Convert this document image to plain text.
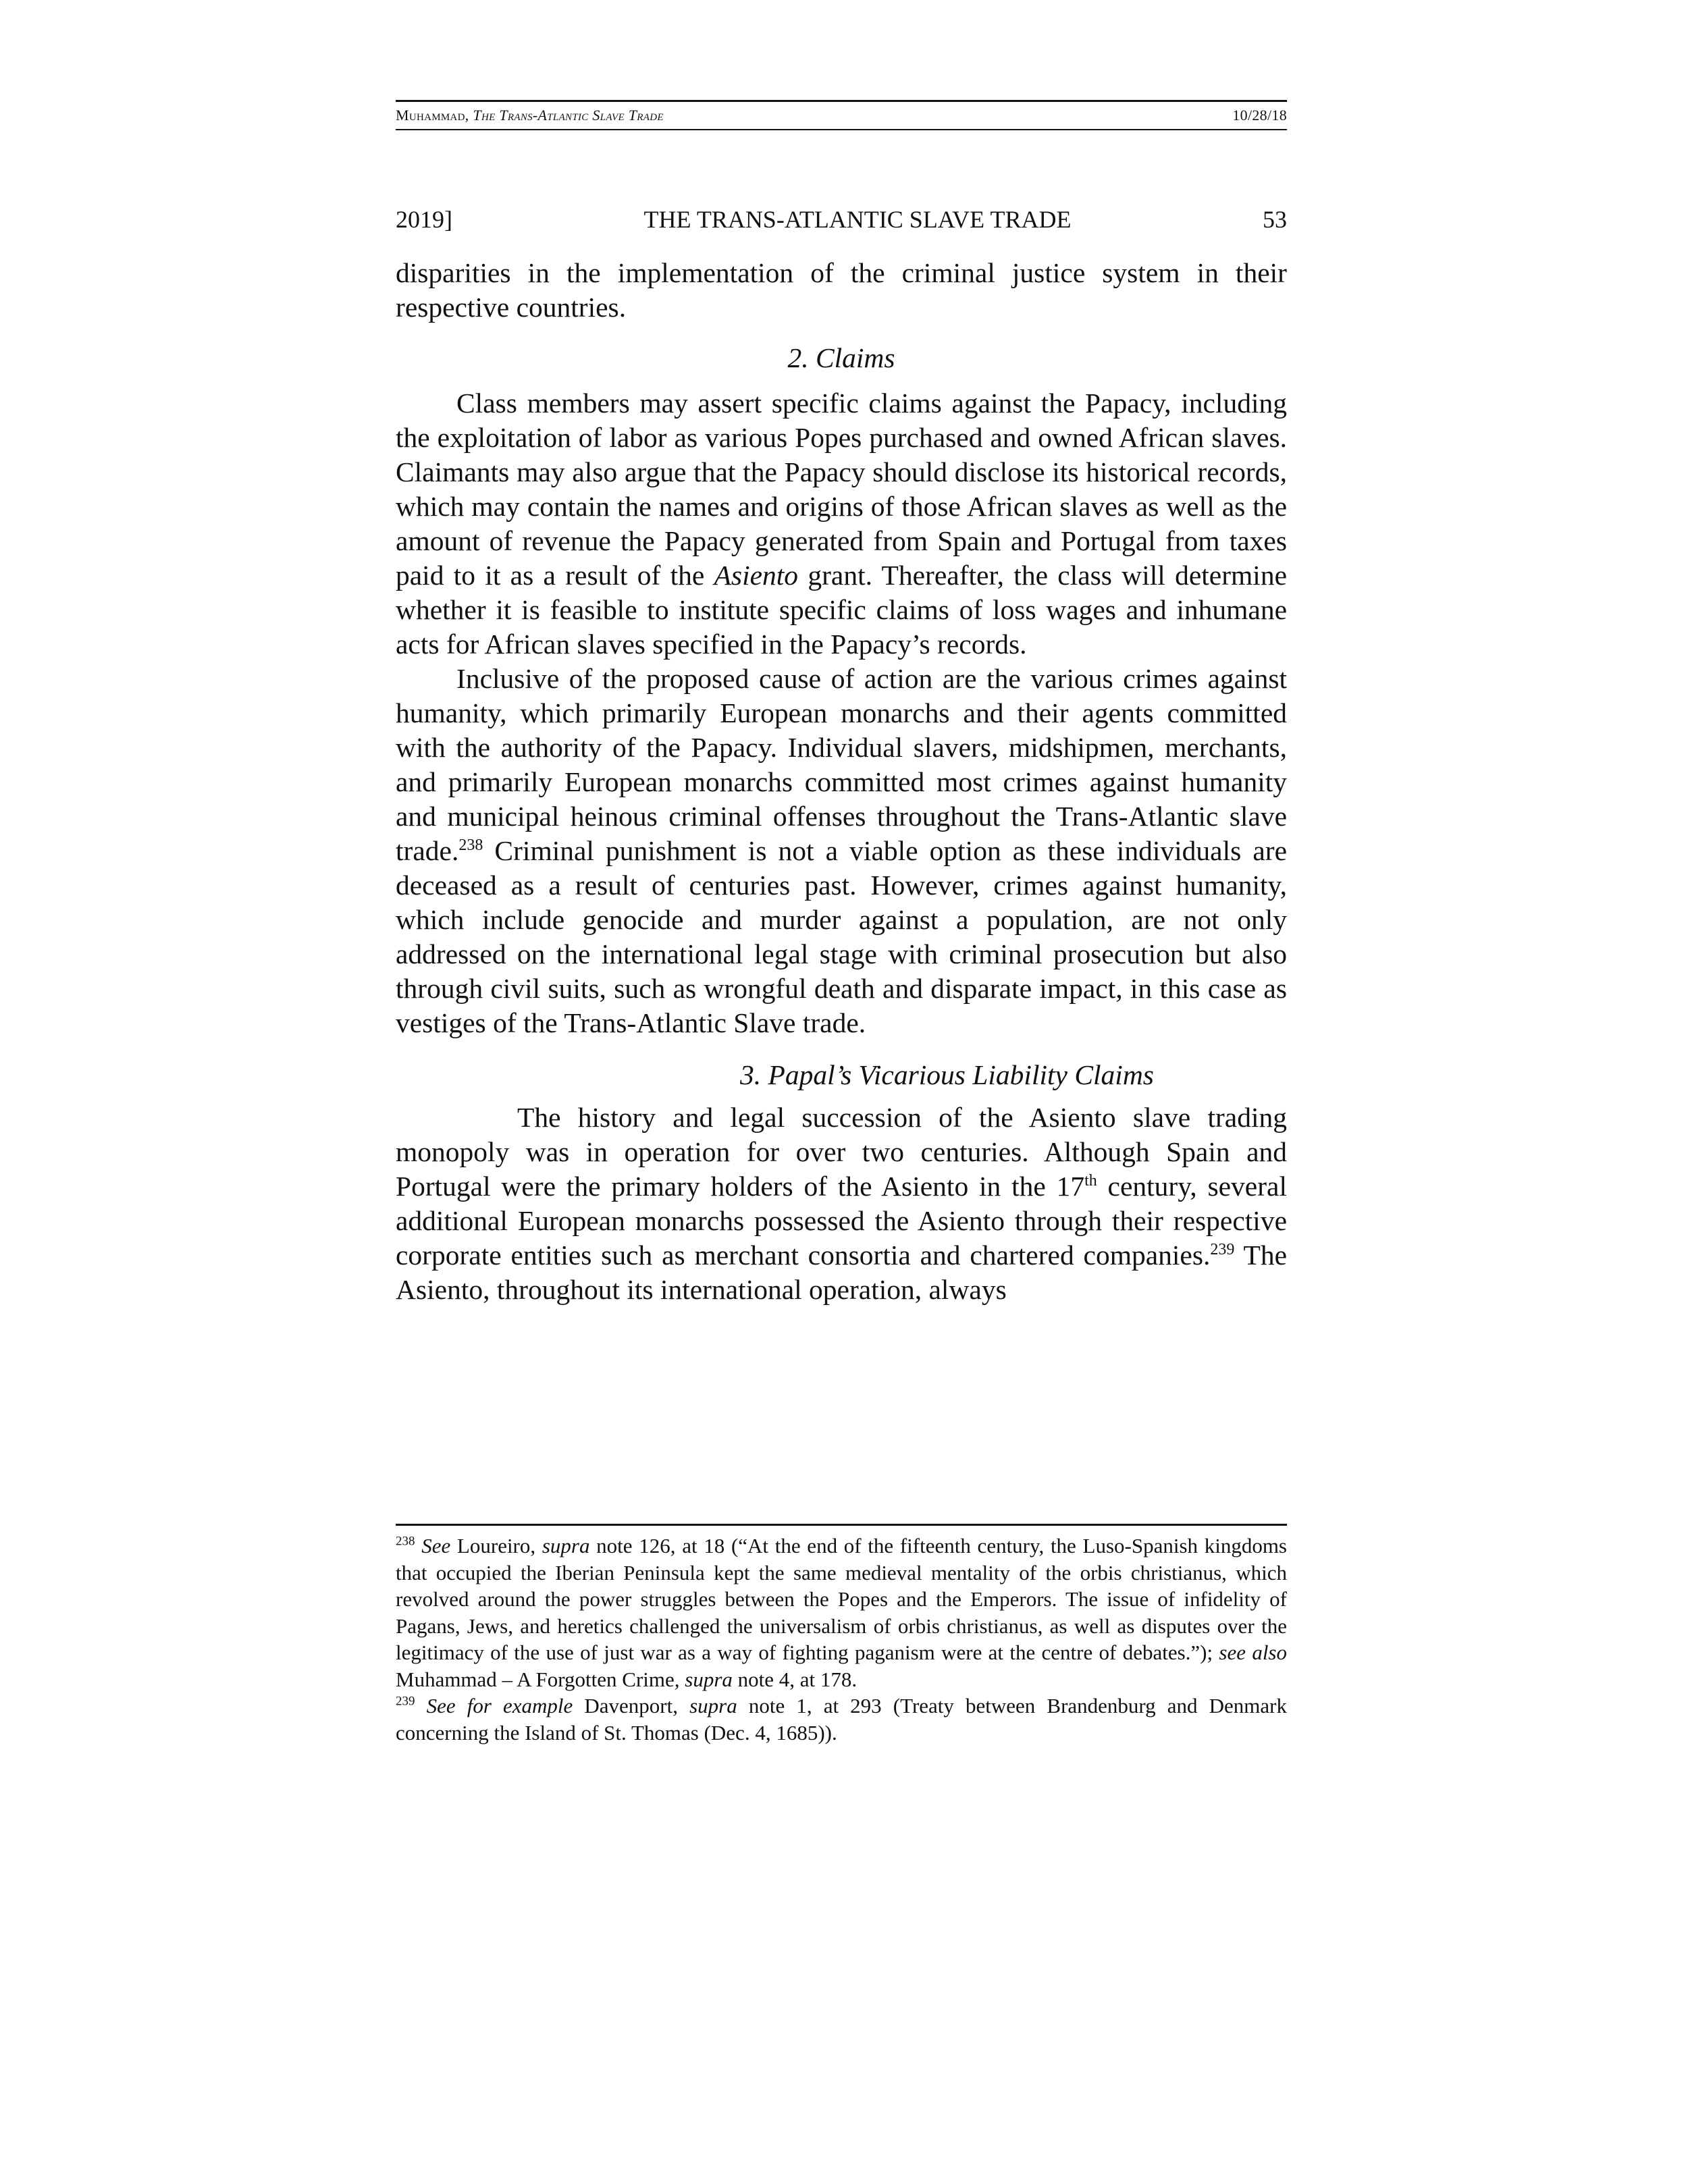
Muhammad, The Trans-Atlantic Slave Trade	10/28/18
2019]	THE TRANS-ATLANTIC SLAVE TRADE	53

disparities in the implementation of the criminal justice system in their respective countries.

2. Claims

Class members may assert specific claims against the Papacy, including the exploitation of labor as various Popes purchased and owned African slaves. Claimants may also argue that the Papacy should disclose its historical records, which may contain the names and origins of those African slaves as well as the amount of revenue the Papacy generated from Spain and Portugal from taxes paid to it as a result of the Asiento grant. Thereafter, the class will determine whether it is feasible to institute specific claims of loss wages and inhumane acts for African slaves specified in the Papacy’s records.

Inclusive of the proposed cause of action are the various crimes against humanity, which primarily European monarchs and their agents committed with the authority of the Papacy. Individual slavers, midshipmen, merchants, and primarily European monarchs committed most crimes against humanity and municipal heinous criminal offenses throughout the Trans-Atlantic slave trade.$^{238}$ Criminal punishment is not a viable option as these individuals are deceased as a result of centuries past. However, crimes against humanity, which include genocide and murder against a population, are not only addressed on the international legal stage with criminal prosecution but also through civil suits, such as wrongful death and disparate impact, in this case as vestiges of the Trans-Atlantic Slave trade.

3. Papal’s Vicarious Liability Claims

The history and legal succession of the Asiento slave trading monopoly was in operation for over two centuries. Although Spain and Portugal were the primary holders of the Asiento in the 17th century, several additional European monarchs possessed the Asiento through their respective corporate entities such as merchant consortia and chartered companies.$^{239}$ The Asiento, throughout its international operation, always

$^{238}$ See Loureiro, supra note 126, at 18 (“At the end of the fifteenth century, the Luso-Spanish kingdoms that occupied the Iberian Peninsula kept the same medieval mentality of the orbis christianus, which revolved around the power struggles between the Popes and the Emperors. The issue of infidelity of Pagans, Jews, and heretics challenged the universalism of orbis christianus, as well as disputes over the legitimacy of the use of just war as a way of fighting paganism were at the centre of debates.”); see also Muhammad – A Forgotten Crime, supra note 4, at 178.

$^{239}$ See for example Davenport, supra note 1, at 293 (Treaty between Brandenburg and Denmark concerning the Island of St. Thomas (Dec. 4, 1685)).
